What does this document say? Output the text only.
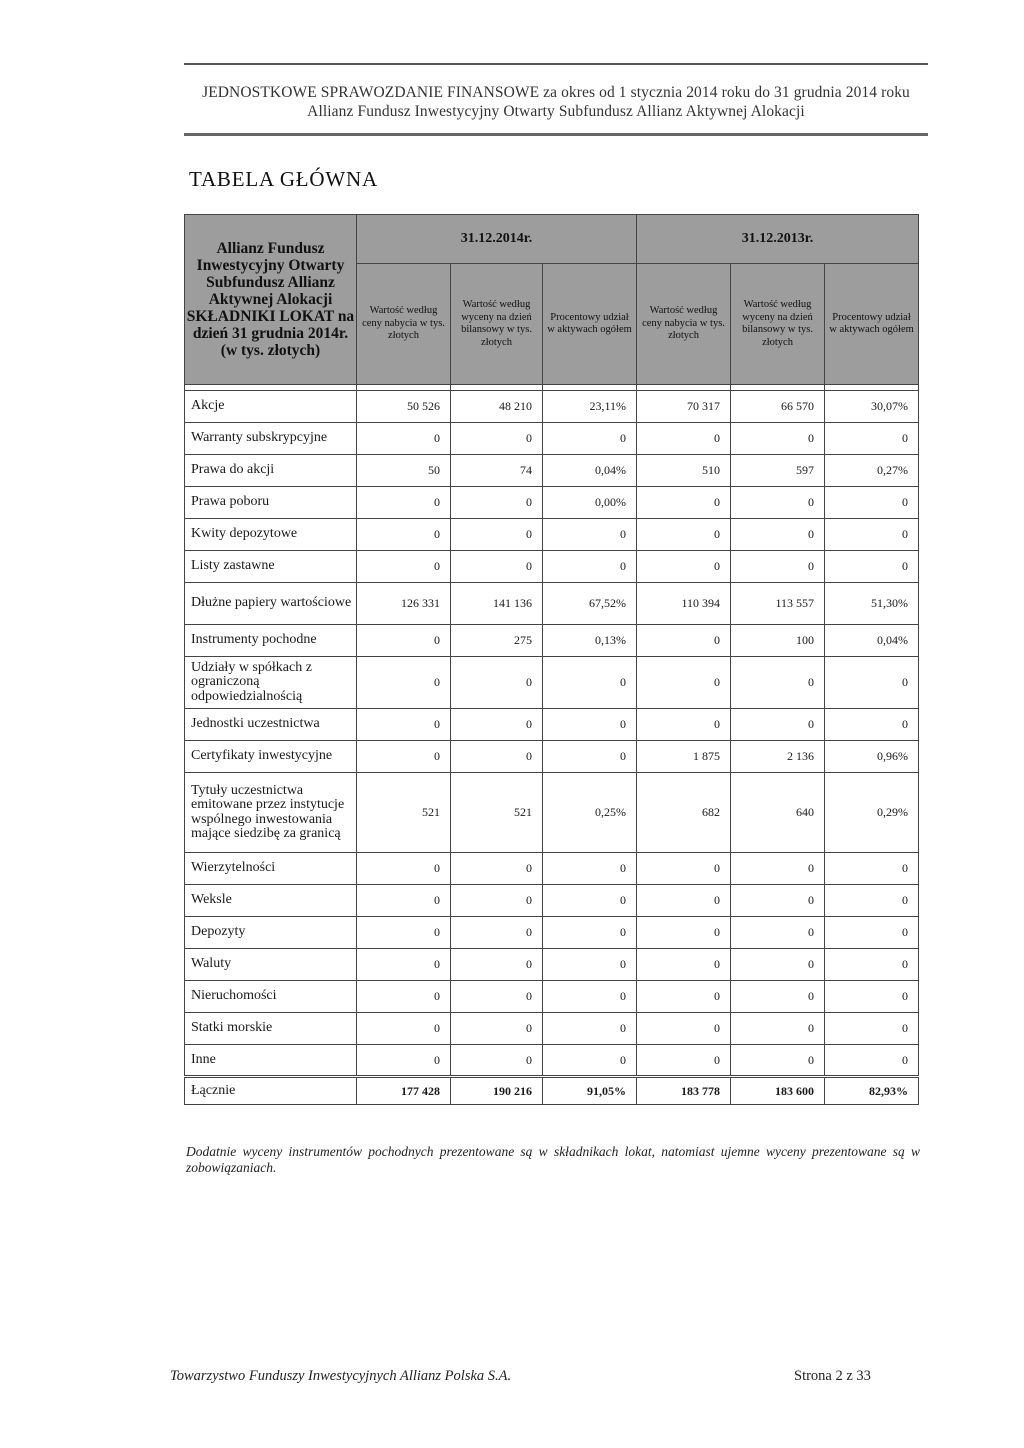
JEDNOSTKOWE SPRAWOZDANIE FINANSOWE za okres od 1 stycznia 2014 roku do 31 grudnia 2014 roku
Allianz Fundusz Inwestycyjny Otwarty Subfundusz Allianz Aktywnej Alokacji
TABELA GŁÓWNA
Allianz Fundusz Inwestycyjny Otwarty Subfundusz Allianz Aktywnej Alokacji SKŁADNIKI LOKAT na dzień 31 grudnia 2014r. (w tys. złotych)	31.12.2014r.			31.12.2013r.		
	Wartość według ceny nabycia w tys. złotych	Wartość według wyceny na dzień bilansowy w tys. złotych	Procentowy udział w aktywach ogółem	Wartość według ceny nabycia w tys. złotych	Wartość według wyceny na dzień bilansowy w tys. złotych	Procentowy udział w aktywach ogółem

Akcje	50 526	48 210	23,11%	70 317	66 570	30,07%
Warranty subskrypcyjne	0	0	0	0	0	0
Prawa do akcji	50	74	0,04%	510	597	0,27%
Prawa poboru	0	0	0,00%	0	0	0
Kwity depozytowe	0	0	0	0	0	0
Listy zastawne	0	0	0	0	0	0
Dłużne papiery wartościowe	126 331	141 136	67,52%	110 394	113 557	51,30%
Instrumenty pochodne	0	275	0,13%	0	100	0,04%
Udziały w spółkach z ograniczoną odpowiedzialnością	0	0	0	0	0	0
Jednostki uczestnictwa	0	0	0	0	0	0
Certyfikaty inwestycyjne	0	0	0	1 875	2 136	0,96%
Tytuły uczestnictwa emitowane przez instytucje wspólnego inwestowania mające siedzibę za granicą	521	521	0,25%	682	640	0,29%
Wierzytelności	0	0	0	0	0	0
Weksle	0	0	0	0	0	0
Depozyty	0	0	0	0	0	0
Waluty	0	0	0	0	0	0
Nieruchomości	0	0	0	0	0	0
Statki morskie	0	0	0	0	0	0
Inne	0	0	0	0	0	0
Łącznie	177 428	190 216	91,05%	183 778	183 600	82,93%
Dodatnie wyceny instrumentów pochodnych prezentowane są w składnikach lokat, natomiast ujemne wyceny prezentowane są w zobowiązaniach.
Towarzystwo Funduszy Inwestycyjnych Allianz Polska S.A.	Strona 2 z 33
